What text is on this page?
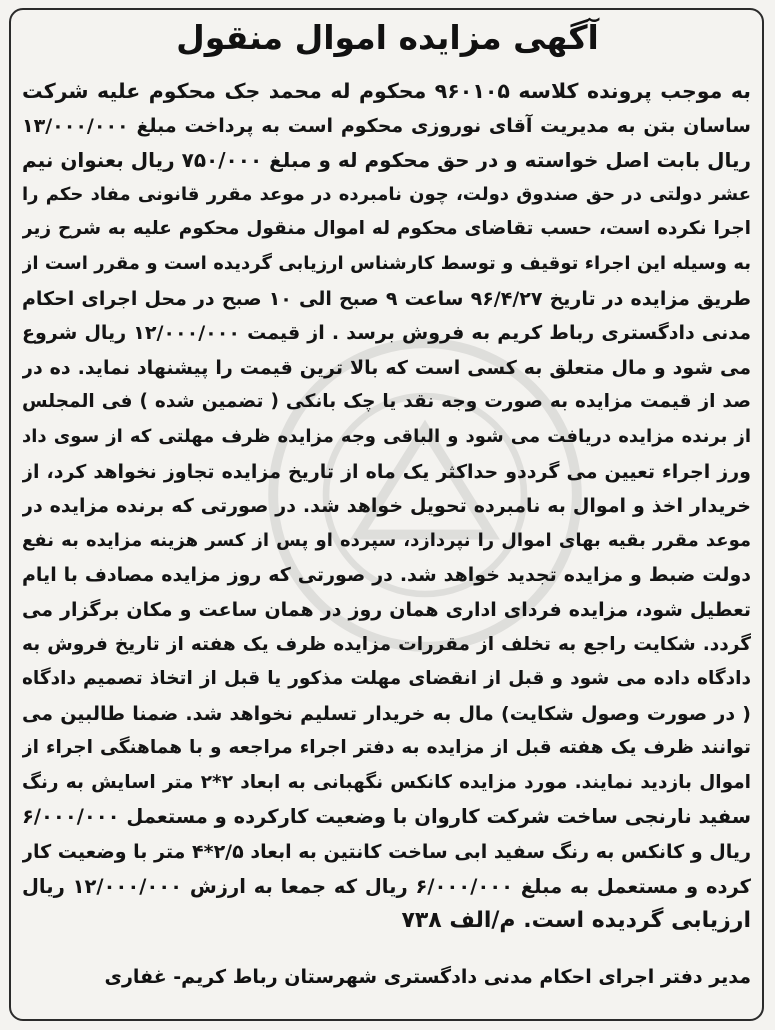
آگهی مزایده اموال منقول
به موجب پرونده کلاسه ۹۶۰۱۰۵ محکوم له محمد جک محکوم علیه شرکت
ساسان بتن به مدیریت آقای نوروزی محکوم است به پرداخت مبلغ ۱۳/۰۰۰/۰۰۰
ریال بابت اصل خواسته و در حق محکوم له و مبلغ ۷۵۰/۰۰۰ ریال بعنوان نیم
عشر دولتی در حق صندوق دولت، چون نامبرده در موعد مقرر قانونی مفاد حکم را
اجرا نکرده است، حسب تقاضای محکوم له اموال منقول محکوم علیه به شرح زیر
به وسیله این اجراء توقیف و توسط کارشناس ارزیابی گردیده است و مقرر است از
طریق مزایده در تاریخ ۹۶/۴/۲۷ ساعت ۹ صبح الی ۱۰ صبح در محل اجرای احکام
مدنی دادگستری رباط کریم به فروش برسد . از قیمت ۱۲/۰۰۰/۰۰۰ ریال شروع
می شود و مال متعلق به کسی است که بالا ترین قیمت را پیشنهاد نماید. ده در
صد از قیمت مزایده به صورت وجه نقد یا چک بانکی ( تضمین شده ) فی المجلس
از برنده مزایده دریافت می شود و الباقی وجه مزایده ظرف مهلتی که از سوی داد
ورز اجراء تعیین می گرددو حداکثر یک ماه از تاریخ مزایده تجاوز نخواهد کرد، از
خریدار اخذ و اموال به نامبرده تحویل خواهد شد. در صورتی که برنده مزایده در
موعد مقرر بقیه بهای اموال را نپردازد، سپرده او پس از کسر هزینه مزایده به نفع
دولت ضبط و مزایده تجدید خواهد شد. در صورتی که روز مزایده مصادف با ایام
تعطیل شود، مزایده فردای اداری همان روز در همان ساعت و مکان برگزار می
گردد. شکایت راجع به تخلف از مقررات مزایده ظرف یک هفته از تاریخ فروش به
دادگاه داده می شود و قبل از انقضای مهلت مذکور یا قبل از اتخاذ تصمیم دادگاه
( در صورت وصول شکایت) مال به خریدار تسلیم نخواهد شد. ضمنا طالبین می
توانند ظرف یک هفته قبل از مزایده به دفتر اجراء مراجعه و با هماهنگی اجراء از
اموال بازدید نمایند. مورد مزایده کانکس نگهبانی به ابعاد ۲*۲ متر اسایش به رنگ
سفید نارنجی ساخت شرکت کاروان با وضعیت کارکرده و مستعمل ۶/۰۰۰/۰۰۰
ریال و کانکس به رنگ سفید ابی ساخت کانتین به ابعاد ۲/۵*۴ متر با وضعیت کار
کرده و مستعمل به مبلغ ۶/۰۰۰/۰۰۰ ریال که جمعا به ارزش ۱۲/۰۰۰/۰۰۰ ریال
ارزیابی گردیده است. م/الف ۷۳۸
مدیر دفتر اجرای احکام مدنی دادگستری شهرستان رباط کریم- غفاری
